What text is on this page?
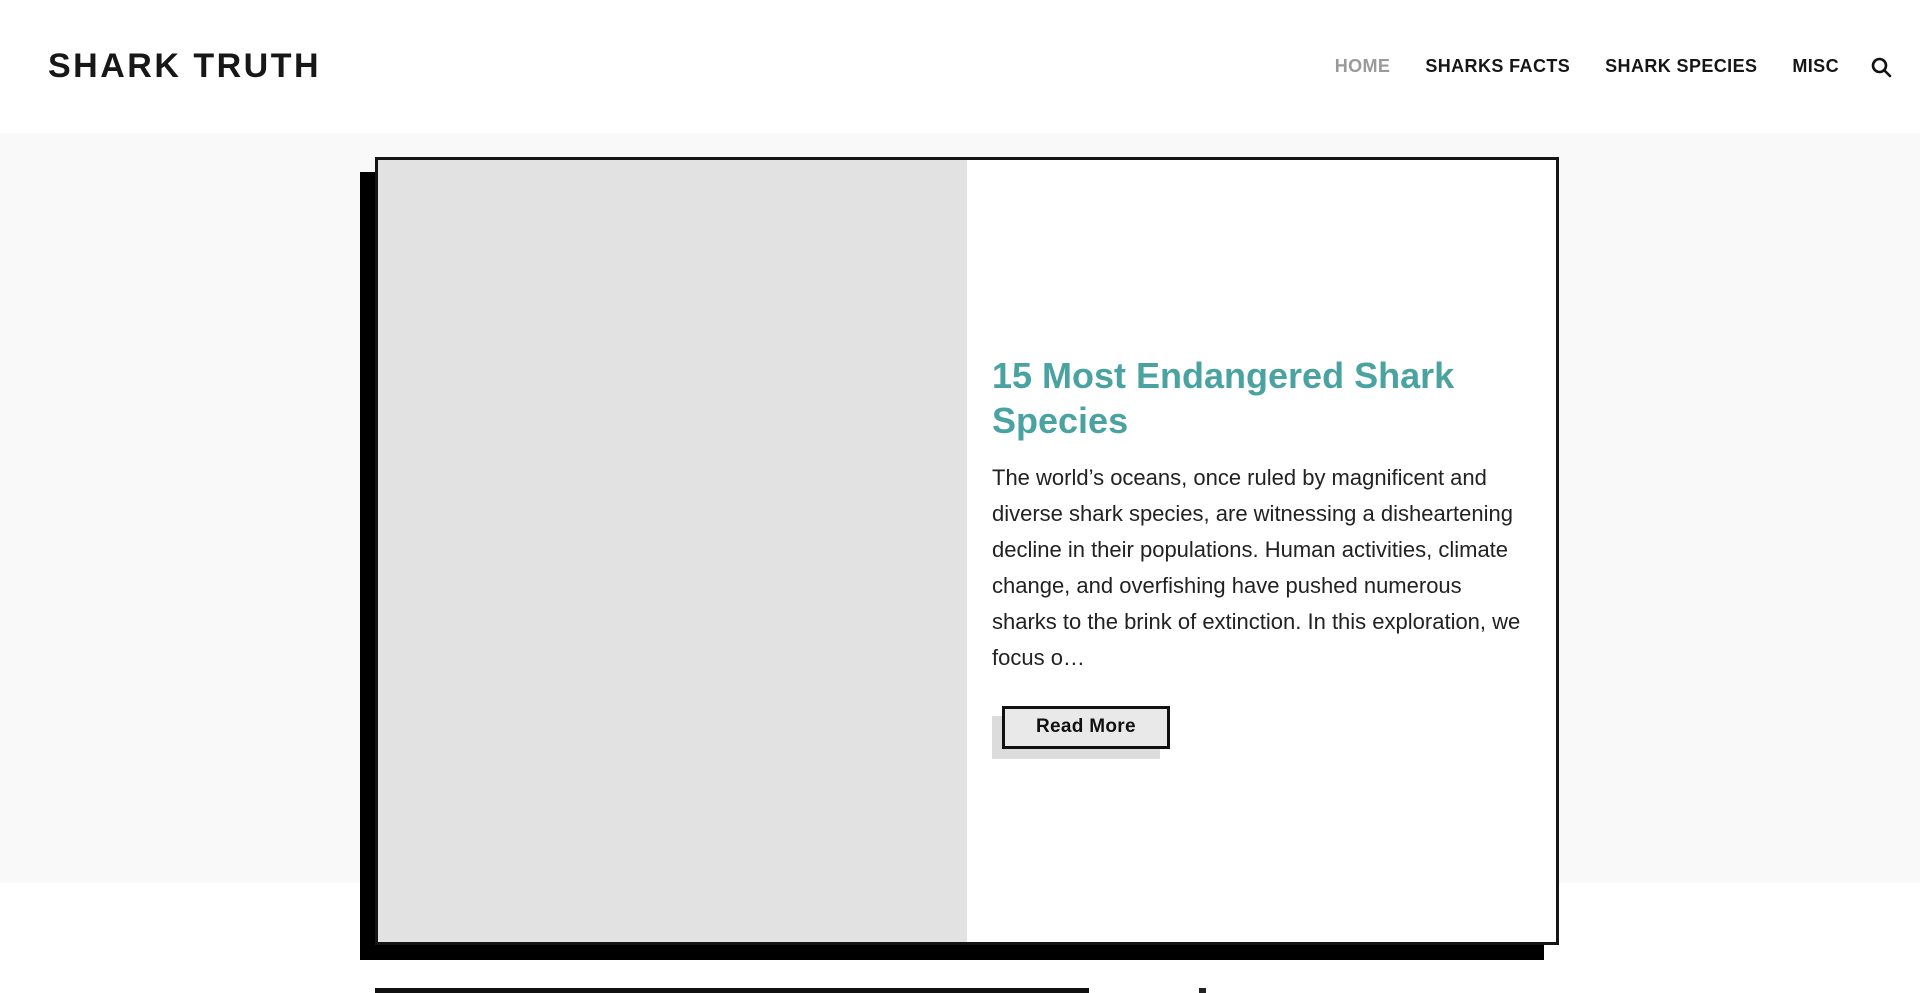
SHARK TRUTH	HOME SHARKS FACTS SHARK SPECIES MISC
15 Most Endangered Shark Species

The world’s oceans, once ruled by magnificent and diverse shark species, are witnessing a disheartening decline in their populations. Human activities, climate change, and overfishing have pushed numerous sharks to the brink of extinction. In this exploration, we focus o…

Read More
